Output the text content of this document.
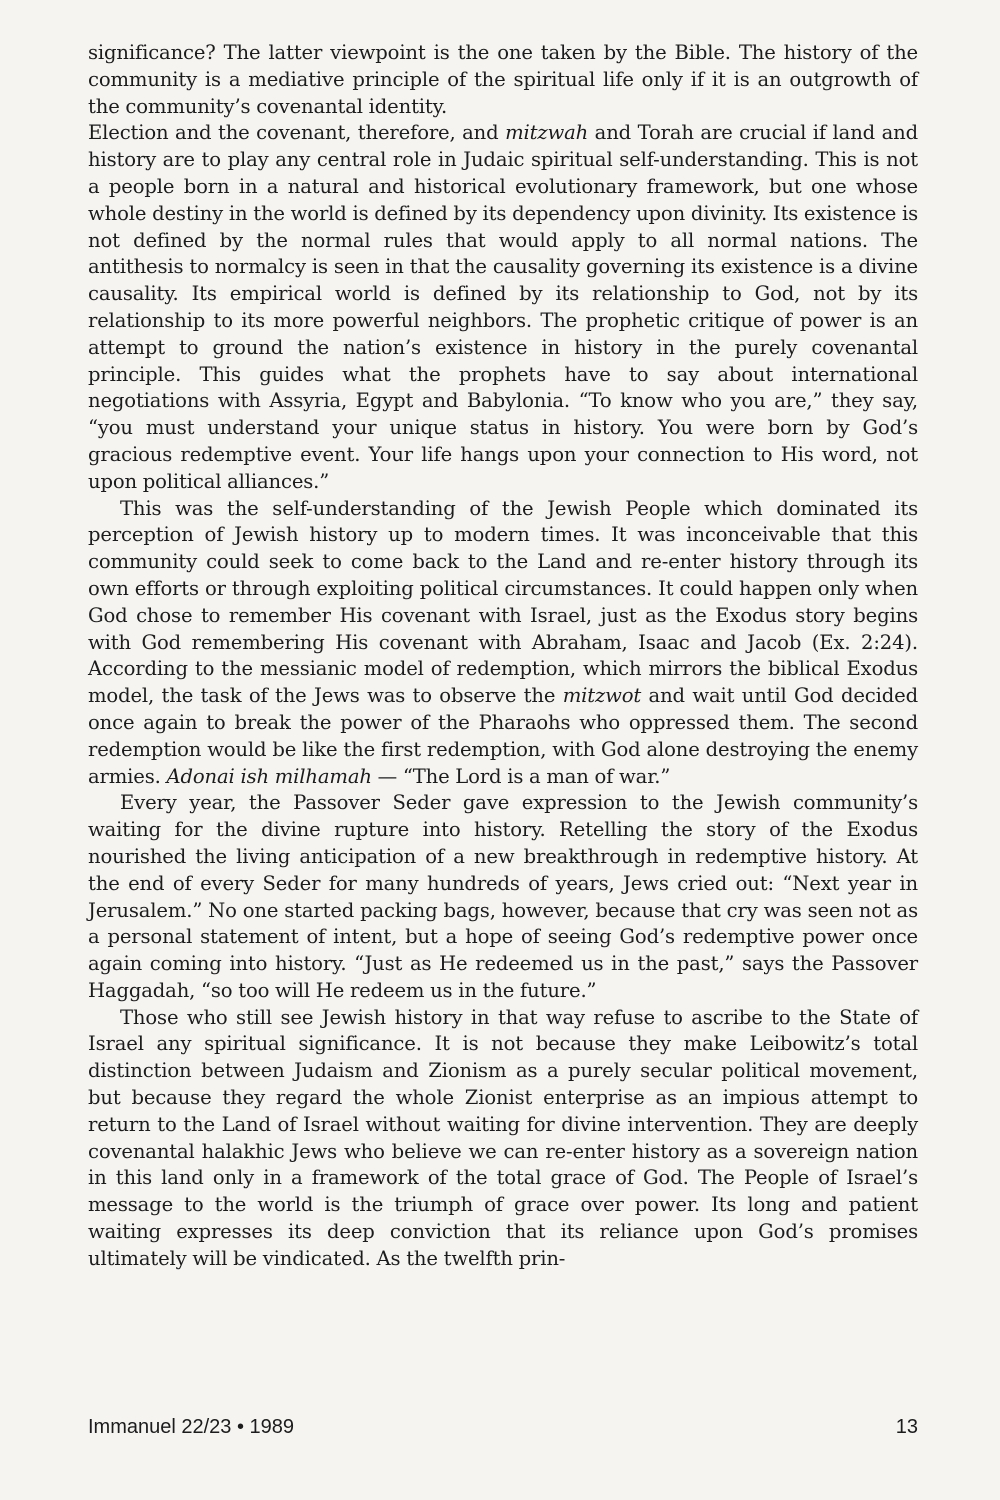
significance? The latter viewpoint is the one taken by the Bible. The history of the community is a mediative principle of the spiritual life only if it is an outgrowth of the community’s covenantal identity.

Election and the covenant, therefore, and mitzwah and Torah are crucial if land and history are to play any central role in Judaic spiritual self-understanding. This is not a people born in a natural and historical evolutionary framework, but one whose whole destiny in the world is defined by its dependency upon divinity. Its existence is not defined by the normal rules that would apply to all normal nations. The antithesis to normalcy is seen in that the causality governing its existence is a divine causality. Its empirical world is defined by its relationship to God, not by its relationship to its more powerful neighbors. The prophetic critique of power is an attempt to ground the nation’s existence in history in the purely covenantal principle. This guides what the prophets have to say about international negotiations with Assyria, Egypt and Babylonia. “To know who you are,” they say, “you must understand your unique status in history. You were born by God’s gracious redemptive event. Your life hangs upon your connection to His word, not upon political alliances.”

This was the self-understanding of the Jewish People which dominated its perception of Jewish history up to modern times. It was inconceivable that this community could seek to come back to the Land and re-enter history through its own efforts or through exploiting political circumstances. It could happen only when God chose to remember His covenant with Israel, just as the Exodus story begins with God remembering His covenant with Abraham, Isaac and Jacob (Ex. 2:24). According to the messianic model of redemption, which mirrors the biblical Exodus model, the task of the Jews was to observe the mitzwot and wait until God decided once again to break the power of the Pharaohs who oppressed them. The second redemption would be like the first redemption, with God alone destroying the enemy armies. Adonai ish milhamah — “The Lord is a man of war.”

Every year, the Passover Seder gave expression to the Jewish community’s waiting for the divine rupture into history. Retelling the story of the Exodus nourished the living anticipation of a new breakthrough in redemptive history. At the end of every Seder for many hundreds of years, Jews cried out: “Next year in Jerusalem.” No one started packing bags, however, because that cry was seen not as a personal statement of intent, but a hope of seeing God’s redemptive power once again coming into history. “Just as He redeemed us in the past,” says the Passover Haggadah, “so too will He redeem us in the future.”

Those who still see Jewish history in that way refuse to ascribe to the State of Israel any spiritual significance. It is not because they make Leibowitz’s total distinction between Judaism and Zionism as a purely secular political movement, but because they regard the whole Zionist enterprise as an impious attempt to return to the Land of Israel without waiting for divine intervention. They are deeply covenantal halakhic Jews who believe we can re-enter history as a sovereign nation in this land only in a framework of the total grace of God. The People of Israel’s message to the world is the triumph of grace over power. Its long and patient waiting expresses its deep conviction that its reliance upon God’s promises ultimately will be vindicated. As the twelfth prin-

Immanuel 22/23 • 1989	13
